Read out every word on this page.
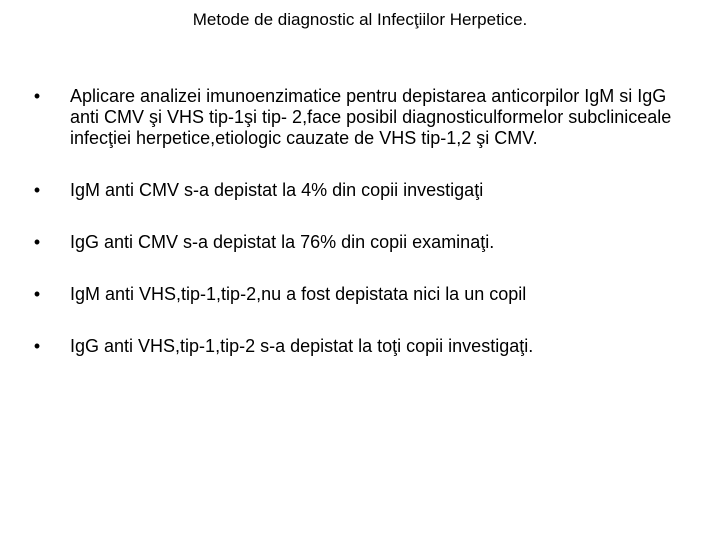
Metode de diagnostic al Infecţiilor Herpetice.
• Aplicare analizei imunoenzimatice pentru depistarea anticorpilor IgM si IgG anti CMV şi VHS tip-1şi tip- 2,face posibil diagnosticulformelor subcliniceale infecţiei herpetice,etiologic cauzate de VHS tip-1,2 şi CMV.
• IgM anti CMV s-a depistat la 4% din copii investigaţi
• IgG anti CMV s-a depistat la 76% din copii examinaţi.
• IgM anti VHS,tip-1,tip-2,nu a fost depistata nici la un copil
• IgG anti VHS,tip-1,tip-2 s-a depistat la toţi copii investigaţi.
